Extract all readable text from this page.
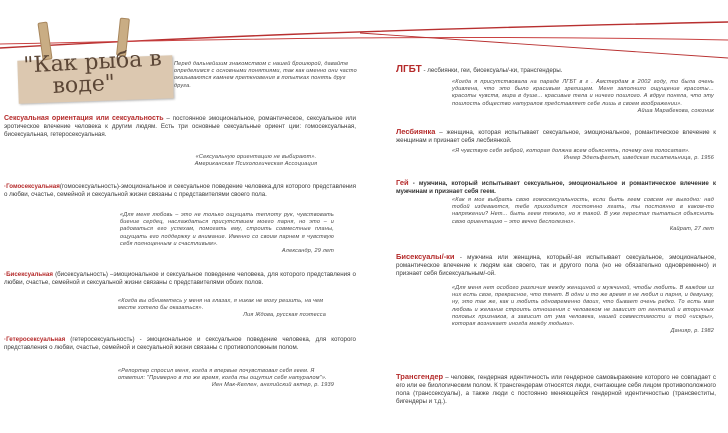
"Как рыба в
воде"
Перед дальнейшим знакомством с нашей брошюрой, давайте определимся с основными понятиями, так как именно они часто оказываются камнем преткновения в попытках понять друг друга.
Сексуальная ориентация или сексуальность – постоянное эмоциональное, романтическое, сексуальное или эротическое влечение человека к другим людям. Есть три основные сексуальные ориент ции: гомосексуальная, бисексуальная, гетеросексуальная.
«Сексуальную ориентацию не выбирают».
Американская Психологическая Ассоциация
·Гомосексуальная(гомосексуальность)-эмоциональное и сексуальное поведение человека,для которого представления о любви, счастье, семейной и сексуальной жизни связаны с представителями своего пола.
«Для меня любовь – это не только ощущать теплоту рук, чувствовать биение сердец, наслаждаться присутствием моего парня, но это – и радоваться его успехам, помогать ему, строить совместные планы, ощущать его поддержку и внимание. Именно со своим парнем я чувствую себя полноценным и счастливым».
Александр, 29 лет
·Бисексуальная (бисексуальность) –эмоциональное и сексуальное поведение человека, для которого представления о любви, счастье, семейной и сексуальной жизни связаны с представителями обоих полов.
«Когда вы обниметесь у меня на глазах, я никак не могу решить, на чем месте хотело бы оказаться».
Лия Ждова, русская поэтесса
·Гетеросексуальная (гетеросексуальность) - эмоциональное и сексуальное поведение человека, для которого представления о любви, счастье, семейной и сексуальной жизни связаны с противоположным полом.
«Репортер спросил меня, когда я впервые почувствовал себя геем. Я ответил: "Примерно в то же время, когда ты ощутил себя натуралом"».
Иен Мак-Келлен, английский актер, р. 1939
ЛГБТ - лесбиянки, геи, бисексуалы/-ки, трансгендеры.
«Когда я присутствовала на параде ЛГБТ в г . Амстердам в 2002 году, то была очень удивлена, что это было красивым зрелищем. Меня заполнило ощущение красоты... красоты чувств, мира в душе... красивые тела и ничего пошлого. А вдруг поняла, что эту пошлость общество натуралов представляет себе лишь в своем воображении».
Айша Марабекова, союзник
Лесбиянка – женщина, которая испытывает сексуальное, эмоциональное, романтическое влечение к женщинам и признает себя лесбиянкой.
«Я чувствую себя зеброй, которая должна всем объяснять, почему она полосатая».
Ингер Эделъфелът, шведская писательница, р. 1956
Гей - мужчина, который испытывает сексуальное, эмоциональное и романтическое влечение к мужчинам и признает себя геем.
«Как я мог выбрать свою гомосексуальность, если быть геем совсем не выгодно: над тобой издеваются, тебе приходится постоянно лгать, ты постоянно в каком-то напряжении? Нет... быть геем тяжело, но я такой. В уже перестал пытаться объяснить свою ориентацию – это вечно бесполезно».
Кайрат, 27 лет
Бисексуалы/-ки - мужчина или женщина, который/-ая испытывает сексуальное, эмоциональное, романтическое влечение к людям как своего, так и другого пола (но не обязательно одновременно) и признает себя бисексуальным/-ой.
«Для меня нет особого различия между женщиной и мужчиной, чтобы любить. В каждом из них есть свое, прекрасное, что тянет. В одни и то же время я не любил и парня, и девушку, ну, это так же, как и любить одновременно двоих, что бывает очень редко. То есть мая любовь и желание строить отношения с человеком не зависит от генталий и вторичных половых признаков, а зависит от ума человека, нашей совместимости и той «искры», которая возникает иногда между людьми».
Данияр, р. 1982
Трансгендер – человек, гендерная идентичность или гендерное самовыражение которого не совпадает с его или ее биологическим полом. К трансгендерам относятся люди, считающие себя лицом противоположного пола (транссексуалы), а также люди с постоянно меняющейся гендерной идентичностью (трансвеститы, бигендеры и т.д.).
